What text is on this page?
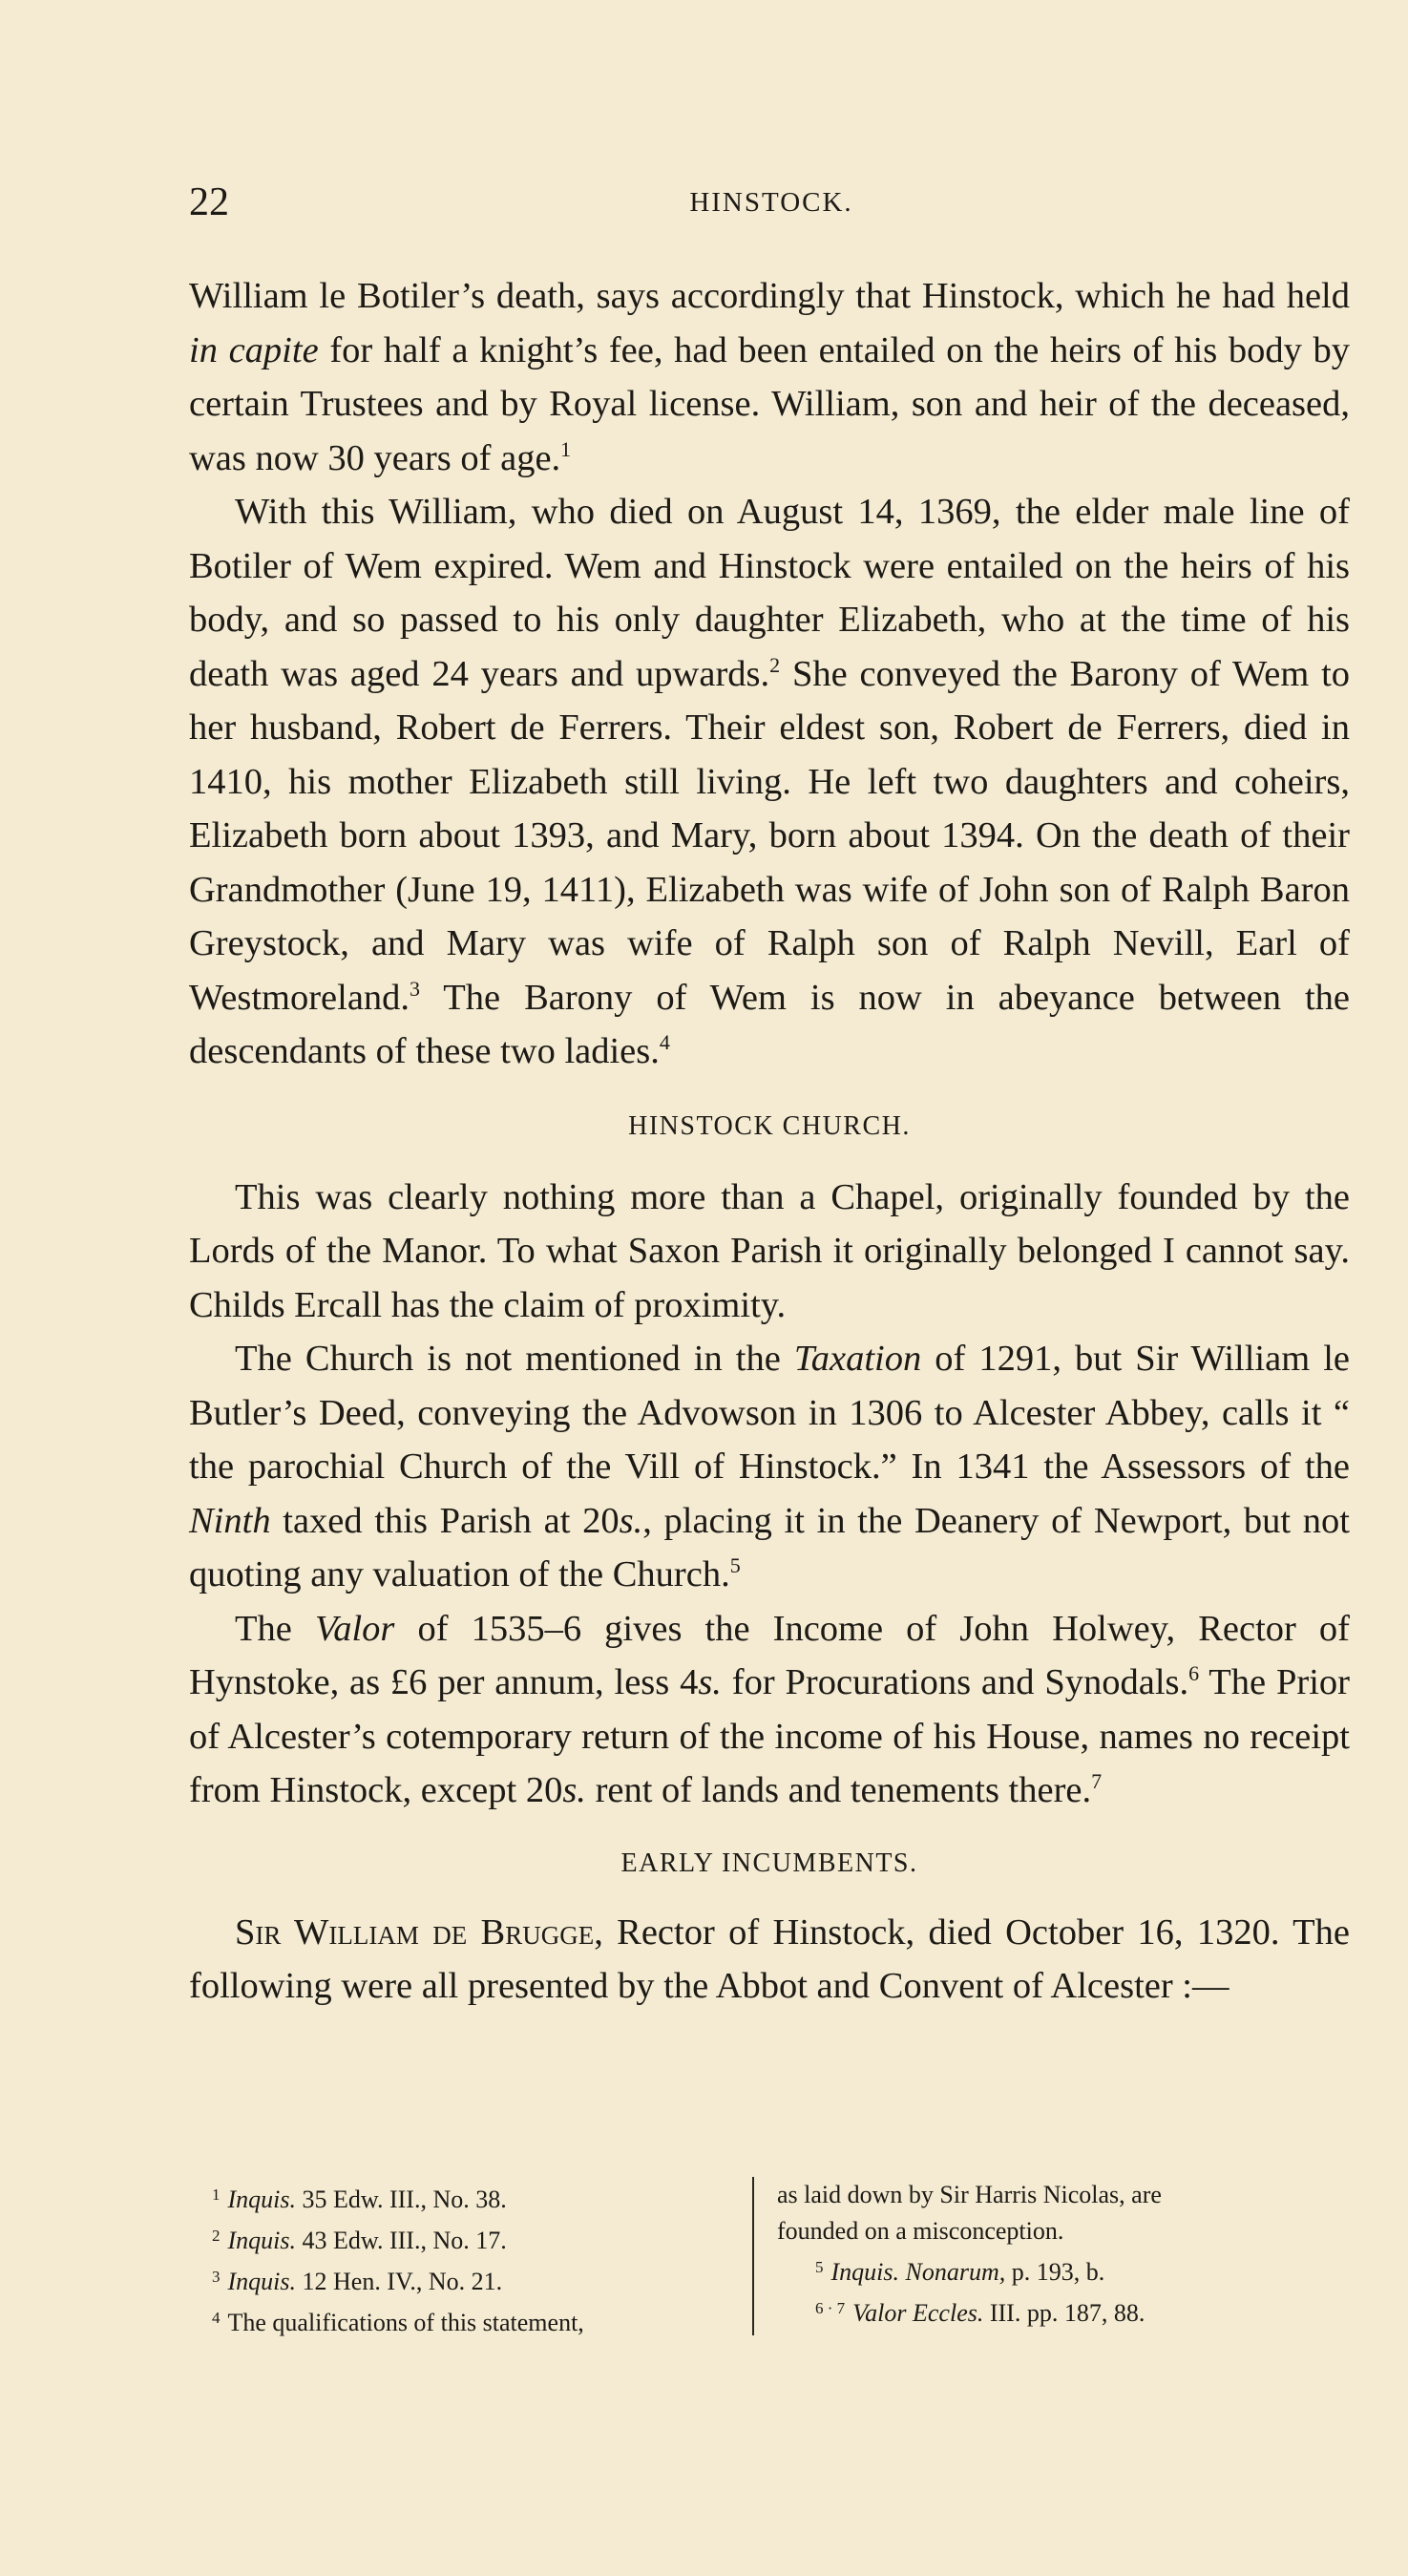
22	HINSTOCK.

William le Botiler’s death, says accordingly that Hinstock, which he had held in capite for half a knight’s fee, had been entailed on the heirs of his body by certain Trustees and by Royal license. William, son and heir of the deceased, was now 30 years of age.$^1$

With this William, who died on August 14, 1369, the elder male line of Botiler of Wem expired. Wem and Hinstock were entailed on the heirs of his body, and so passed to his only daughter Elizabeth, who at the time of his death was aged 24 years and upwards.$^2$ She conveyed the Barony of Wem to her husband, Robert de Ferrers. Their eldest son, Robert de Ferrers, died in 1410, his mother Elizabeth still living. He left two daughters and coheirs, Elizabeth born about 1393, and Mary, born about 1394. On the death of their Grandmother (June 19, 1411), Elizabeth was wife of John son of Ralph Baron Greystock, and Mary was wife of Ralph son of Ralph Nevill, Earl of Westmoreland.$^3$ The Barony of Wem is now in abeyance between the descendants of these two ladies.$^4$

HINSTOCK CHURCH.

This was clearly nothing more than a Chapel, originally founded by the Lords of the Manor. To what Saxon Parish it originally belonged I cannot say. Childs Ercall has the claim of proximity.

The Church is not mentioned in the Taxation of 1291, but Sir William le Butler’s Deed, conveying the Advowson in 1306 to Alcester Abbey, calls it “ the parochial Church of the Vill of Hinstock.” In 1341 the Assessors of the Ninth taxed this Parish at 20s., placing it in the Deanery of Newport, but not quoting any valuation of the Church.$^5$

The Valor of 1535–6 gives the Income of John Holwey, Rector of Hynstoke, as £6 per annum, less 4s. for Procurations and Synodals.$^6$ The Prior of Alcester’s cotemporary return of the income of his House, names no receipt from Hinstock, except 20s. rent of lands and tenements there.$^7$

EARLY INCUMBENTS.

Sir William de Brugge, Rector of Hinstock, died October 16, 1320. The following were all presented by the Abbot and Convent of Alcester :—

$^1$ Inquis. 35 Edw. III., No. 38.
$^2$ Inquis. 43 Edw. III., No. 17.
$^3$ Inquis. 12 Hen. IV., No. 21.
$^4$ The qualifications of this statement,
as laid down by Sir Harris Nicolas, are
founded on a misconception.
$^5$ Inquis. Nonarum, p. 193, b.
$^{6 \cdot 7}$ Valor Eccles. III. pp. 187, 88.
